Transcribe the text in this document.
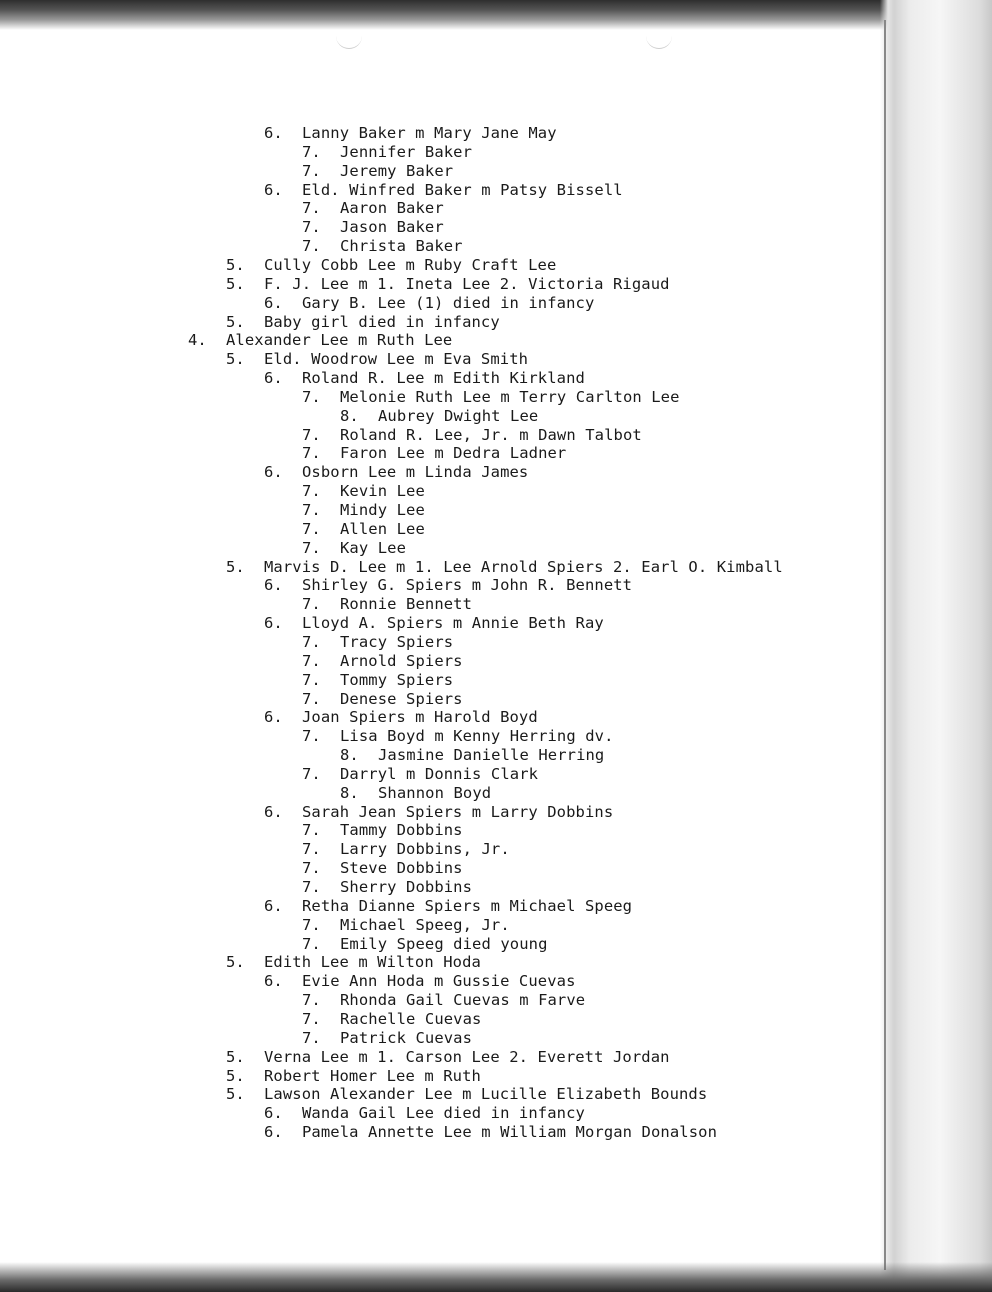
6. Lanny Baker m Mary Jane May
7. Jennifer Baker
7. Jeremy Baker
6. Eld. Winfred Baker m Patsy Bissell
7. Aaron Baker
7. Jason Baker
7. Christa Baker
5. Cully Cobb Lee m Ruby Craft Lee
5. F. J. Lee m 1. Ineta Lee 2. Victoria Rigaud
6. Gary B. Lee (1) died in infancy
5. Baby girl died in infancy
4. Alexander Lee m Ruth Lee
5. Eld. Woodrow Lee m Eva Smith
6. Roland R. Lee m Edith Kirkland
7. Melonie Ruth Lee m Terry Carlton Lee
8. Aubrey Dwight Lee
7. Roland R. Lee, Jr. m Dawn Talbot
7. Faron Lee m Dedra Ladner
6. Osborn Lee m Linda James
7. Kevin Lee
7. Mindy Lee
7. Allen Lee
7. Kay Lee
5. Marvis D. Lee m 1. Lee Arnold Spiers 2. Earl O. Kimball
6. Shirley G. Spiers m John R. Bennett
7. Ronnie Bennett
6. Lloyd A. Spiers m Annie Beth Ray
7. Tracy Spiers
7. Arnold Spiers
7. Tommy Spiers
7. Denese Spiers
6. Joan Spiers m Harold Boyd
7. Lisa Boyd m Kenny Herring dv.
8. Jasmine Danielle Herring
7. Darryl m Donnis Clark
8. Shannon Boyd
6. Sarah Jean Spiers m Larry Dobbins
7. Tammy Dobbins
7. Larry Dobbins, Jr.
7. Steve Dobbins
7. Sherry Dobbins
6. Retha Dianne Spiers m Michael Speeg
7. Michael Speeg, Jr.
7. Emily Speeg died young
5. Edith Lee m Wilton Hoda
6. Evie Ann Hoda m Gussie Cuevas
7. Rhonda Gail Cuevas m Farve
7. Rachelle Cuevas
7. Patrick Cuevas
5. Verna Lee m 1. Carson Lee 2. Everett Jordan
5. Robert Homer Lee m Ruth
5. Lawson Alexander Lee m Lucille Elizabeth Bounds
6. Wanda Gail Lee died in infancy
6. Pamela Annette Lee m William Morgan Donalson
